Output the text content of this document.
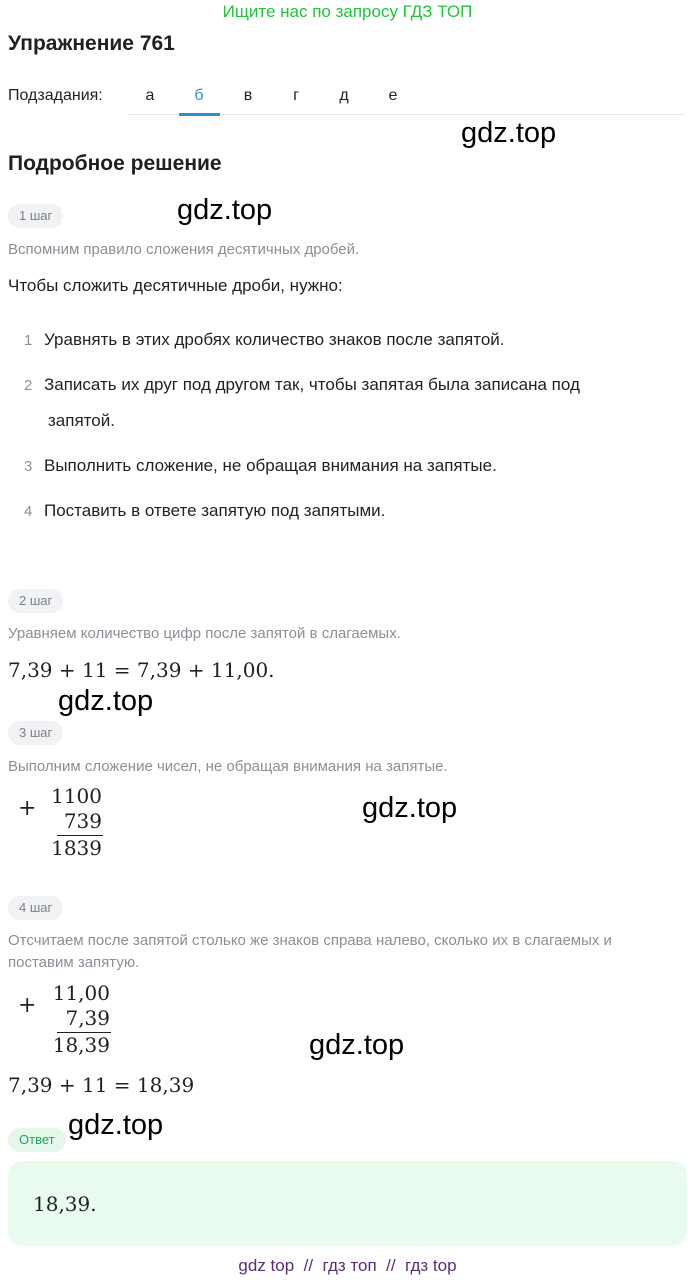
Ищите нас по запросу ГДЗ ТОП
Упражнение 761
Подзадания:	а	б	в	г	д	е
gdz.top
Подробное решение
gdz.top
1 шаг
Вспомним правило сложения десятичных дробей.
Чтобы сложить десятичные дроби, нужно:
1 Уравнять в этих дробях количество знаков после запятой.
2 Записать их друг под другом так, чтобы запятая была записана под
запятой.
3 Выполнить сложение, не обращая внимания на запятые.
4 Поставить в ответе запятую под запятыми.
2 шаг
Уравняем количество цифр после запятой в слагаемых.
7,39 + 11 = 7,39 + 11,00.
gdz.top
3 шаг
Выполним сложение чисел, не обращая внимания на запятые.
+ 1100
739
1839
gdz.top
4 шаг
Отсчитаем после запятой столько же знаков справа налево, сколько их в слагаемых и
поставим запятую.
+ 11,00
7,39
18,39	gdz.top
7,39 + 11 = 18,39
gdz.top
Ответ
18,39.
gdz top // гдз топ // гдз top
